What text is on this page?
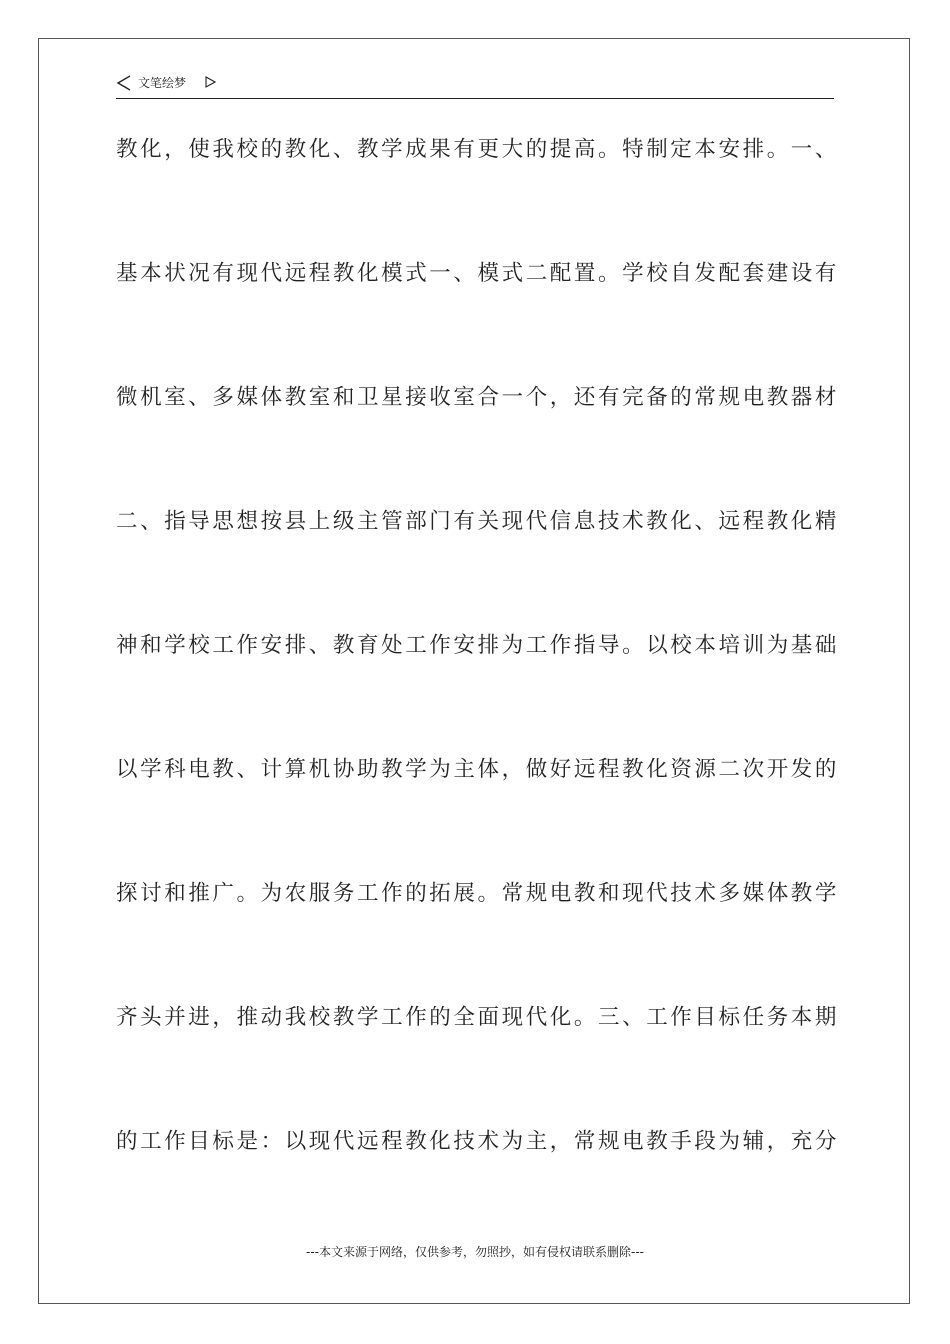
文笔绘梦
教化，使我校的教化、教学成果有更大的提高。特制定本安排。一、
基本状况有现代远程教化模式一、模式二配置。学校自发配套建设有
微机室、多媒体教室和卫星接收室合一个，还有完备的常规电教器材
二、指导思想按县上级主管部门有关现代信息技术教化、远程教化精
神和学校工作安排、教育处工作安排为工作指导。以校本培训为基础
以学科电教、计算机协助教学为主体，做好远程教化资源二次开发的
探讨和推广。为农服务工作的拓展。常规电教和现代技术多媒体教学
齐头并进，推动我校教学工作的全面现代化。三、工作目标任务本期
的工作目标是：以现代远程教化技术为主，常规电教手段为辅，充分
---本文来源于网络，仅供参考，勿照抄，如有侵权请联系删除---
